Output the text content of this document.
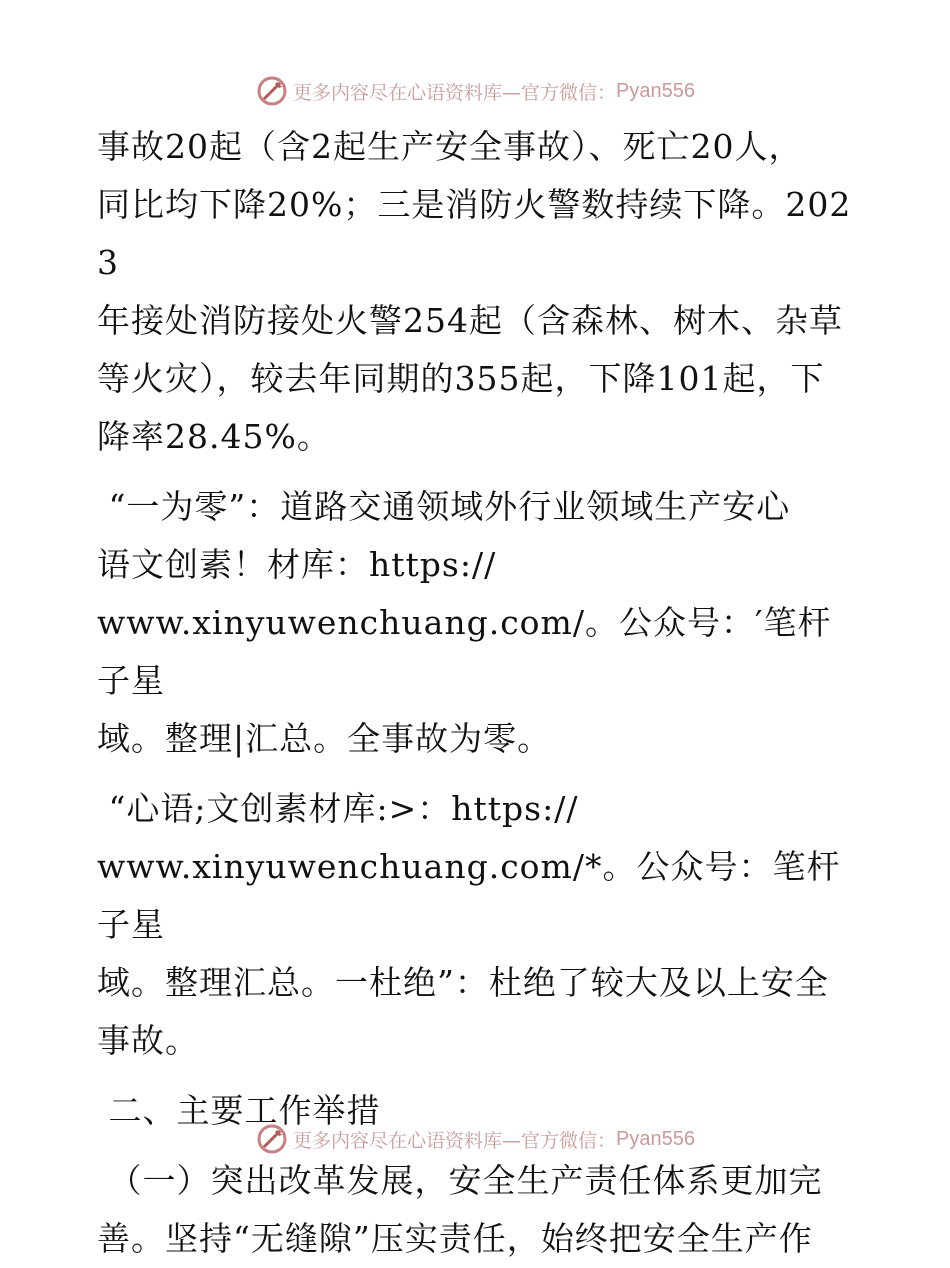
更多内容尽在心语资料库—官方微信： Pyan556

事故20起（含2起生产安全事故）、死亡20人，

同比均下降20%；三是消防火警数持续下降。2023

年接处消防接处火警254起（含森林、树木、杂草

等火灾），较去年同期的355起，下降101起，下

降率28.45%。

“一为零”：道路交通领域外行业领域生产安心

语文创素！材库：https://

www.xinyuwenchuang.com/。公众号：′笔杆子星

域。整理|汇总。全事故为零。

“心语;文创素材库:>：https://

www.xinyuwenchuang.com/*。公众号：笔杆子星

域。整理汇总。一杜绝”：杜绝了较大及以上安全

事故。

二、主要工作举措

（一）突出改革发展，安全生产责任体系更加完

善。坚持“无缝隙”压实责任，始终把安全生产作

更多内容尽在心语资料库—官方微信： Pyan556
